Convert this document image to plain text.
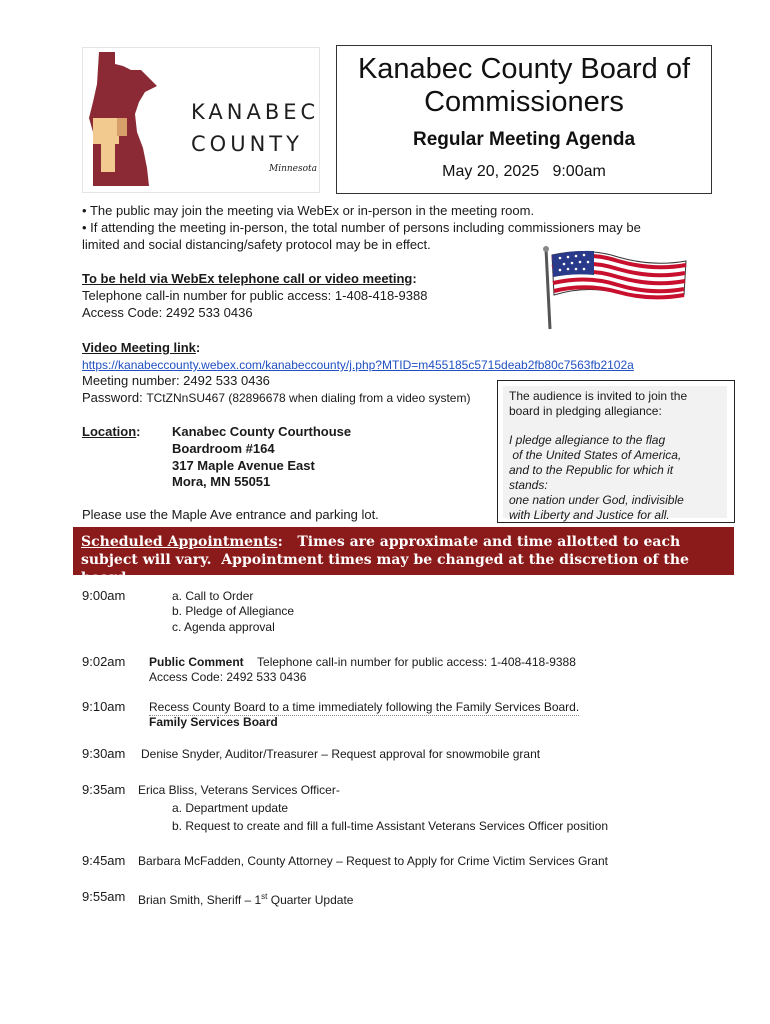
KANABEC
COUNTY
Minnesota
Kanabec County Board of Commissioners
Regular Meeting Agenda
May 20, 2025   9:00am
• The public may join the meeting via WebEx or in-person in the meeting room.
• If attending the meeting in-person, the total number of persons including commissioners may be
limited and social distancing/safety protocol may be in effect.
To be held via WebEx telephone call or video meeting:
Telephone call-in number for public access: 1-408-418-9388
Access Code: 2492 533 0436
Video Meeting link:
https://kanabeccounty.webex.com/kanabeccounty/j.php?MTID=m455185c5715deab2fb80c7563fb2102a
Meeting number: 2492 533 0436
Password: TCtZNnSU467 (82896678 when dialing from a video system)
Location: Kanabec County Courthouse
Boardroom #164
317 Maple Avenue East
Mora, MN 55051
Please use the Maple Ave entrance and parking lot.
The audience is invited to join the
board in pledging allegiance:
I pledge allegiance to the flag
of the United States of America,
and to the Republic for which it
stands:
one nation under God, indivisible
with Liberty and Justice for all.
Scheduled Appointments:   Times are approximate and time allotted to each subject will vary.  Appointment times may be changed at the discretion of the board.
9:00am	a. Call to Order
b. Pledge of Allegiance
c. Agenda approval
9:02am Public Comment Telephone call-in number for public access: 1-408-418-9388
Access Code: 2492 533 0436
9:10am Recess County Board to a time immediately following the Family Services Board.
Family Services Board
9:30am Denise Snyder, Auditor/Treasurer – Request approval for snowmobile grant
9:35am Erica Bliss, Veterans Services Officer-
a. Department update
b. Request to create and fill a full-time Assistant Veterans Services Officer position
9:45am Barbara McFadden, County Attorney – Request to Apply for Crime Victim Services Grant
9:55am Brian Smith, Sheriff – 1st Quarter Update
